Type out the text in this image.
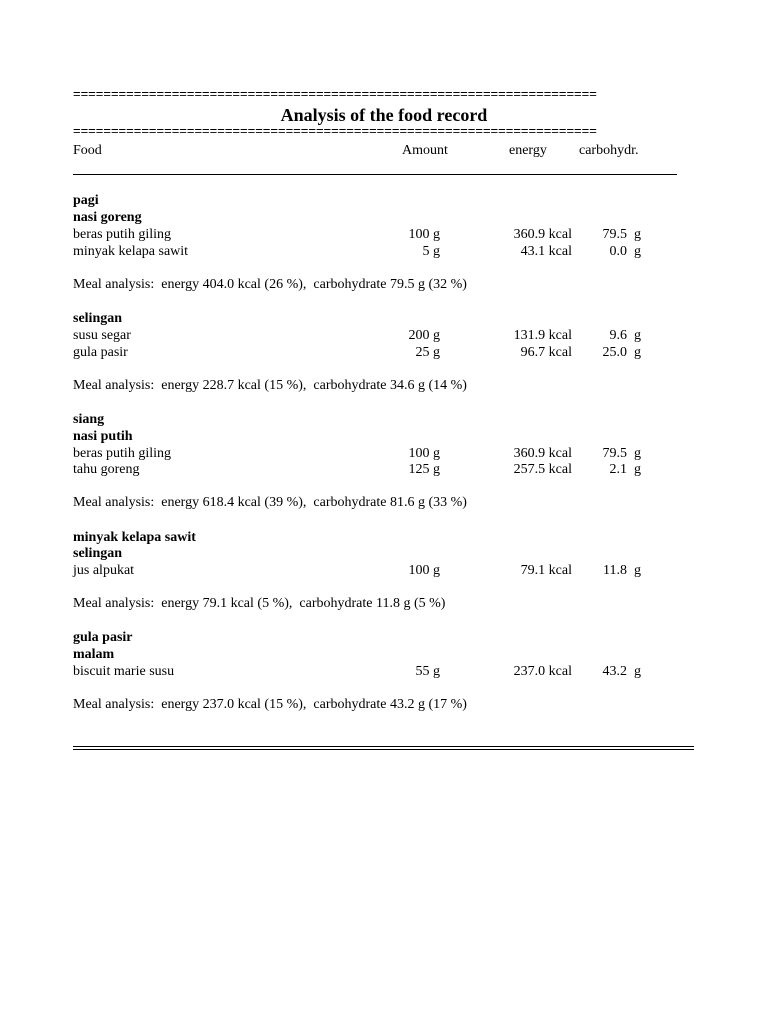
=====================================================================
Analysis of the food record
=====================================================================
Food	Amount	energy carbohydr.
pagi
nasi goreng
beras putih giling	100 g	360.9 kcal	79.5 g
minyak kelapa sawit	5 g	43.1 kcal	0.0 g
Meal analysis:  energy 404.0 kcal (26 %),  carbohydrate 79.5 g (32 %)
selingan
susu segar	200 g	131.9 kcal	9.6 g
gula pasir	25 g	96.7 kcal	25.0 g
Meal analysis:  energy 228.7 kcal (15 %),  carbohydrate 34.6 g (14 %)
siang
nasi putih
beras putih giling	100 g	360.9 kcal	79.5 g
tahu goreng	125 g	257.5 kcal	2.1 g
Meal analysis:  energy 618.4 kcal (39 %),  carbohydrate 81.6 g (33 %)
minyak kelapa sawit
selingan
jus alpukat	100 g	79.1 kcal	11.8 g
Meal analysis:  energy 79.1 kcal (5 %),  carbohydrate 11.8 g (5 %)
gula pasir
malam
biscuit marie susu	55 g	237.0 kcal	43.2 g
Meal analysis:  energy 237.0 kcal (15 %),  carbohydrate 43.2 g (17 %)
